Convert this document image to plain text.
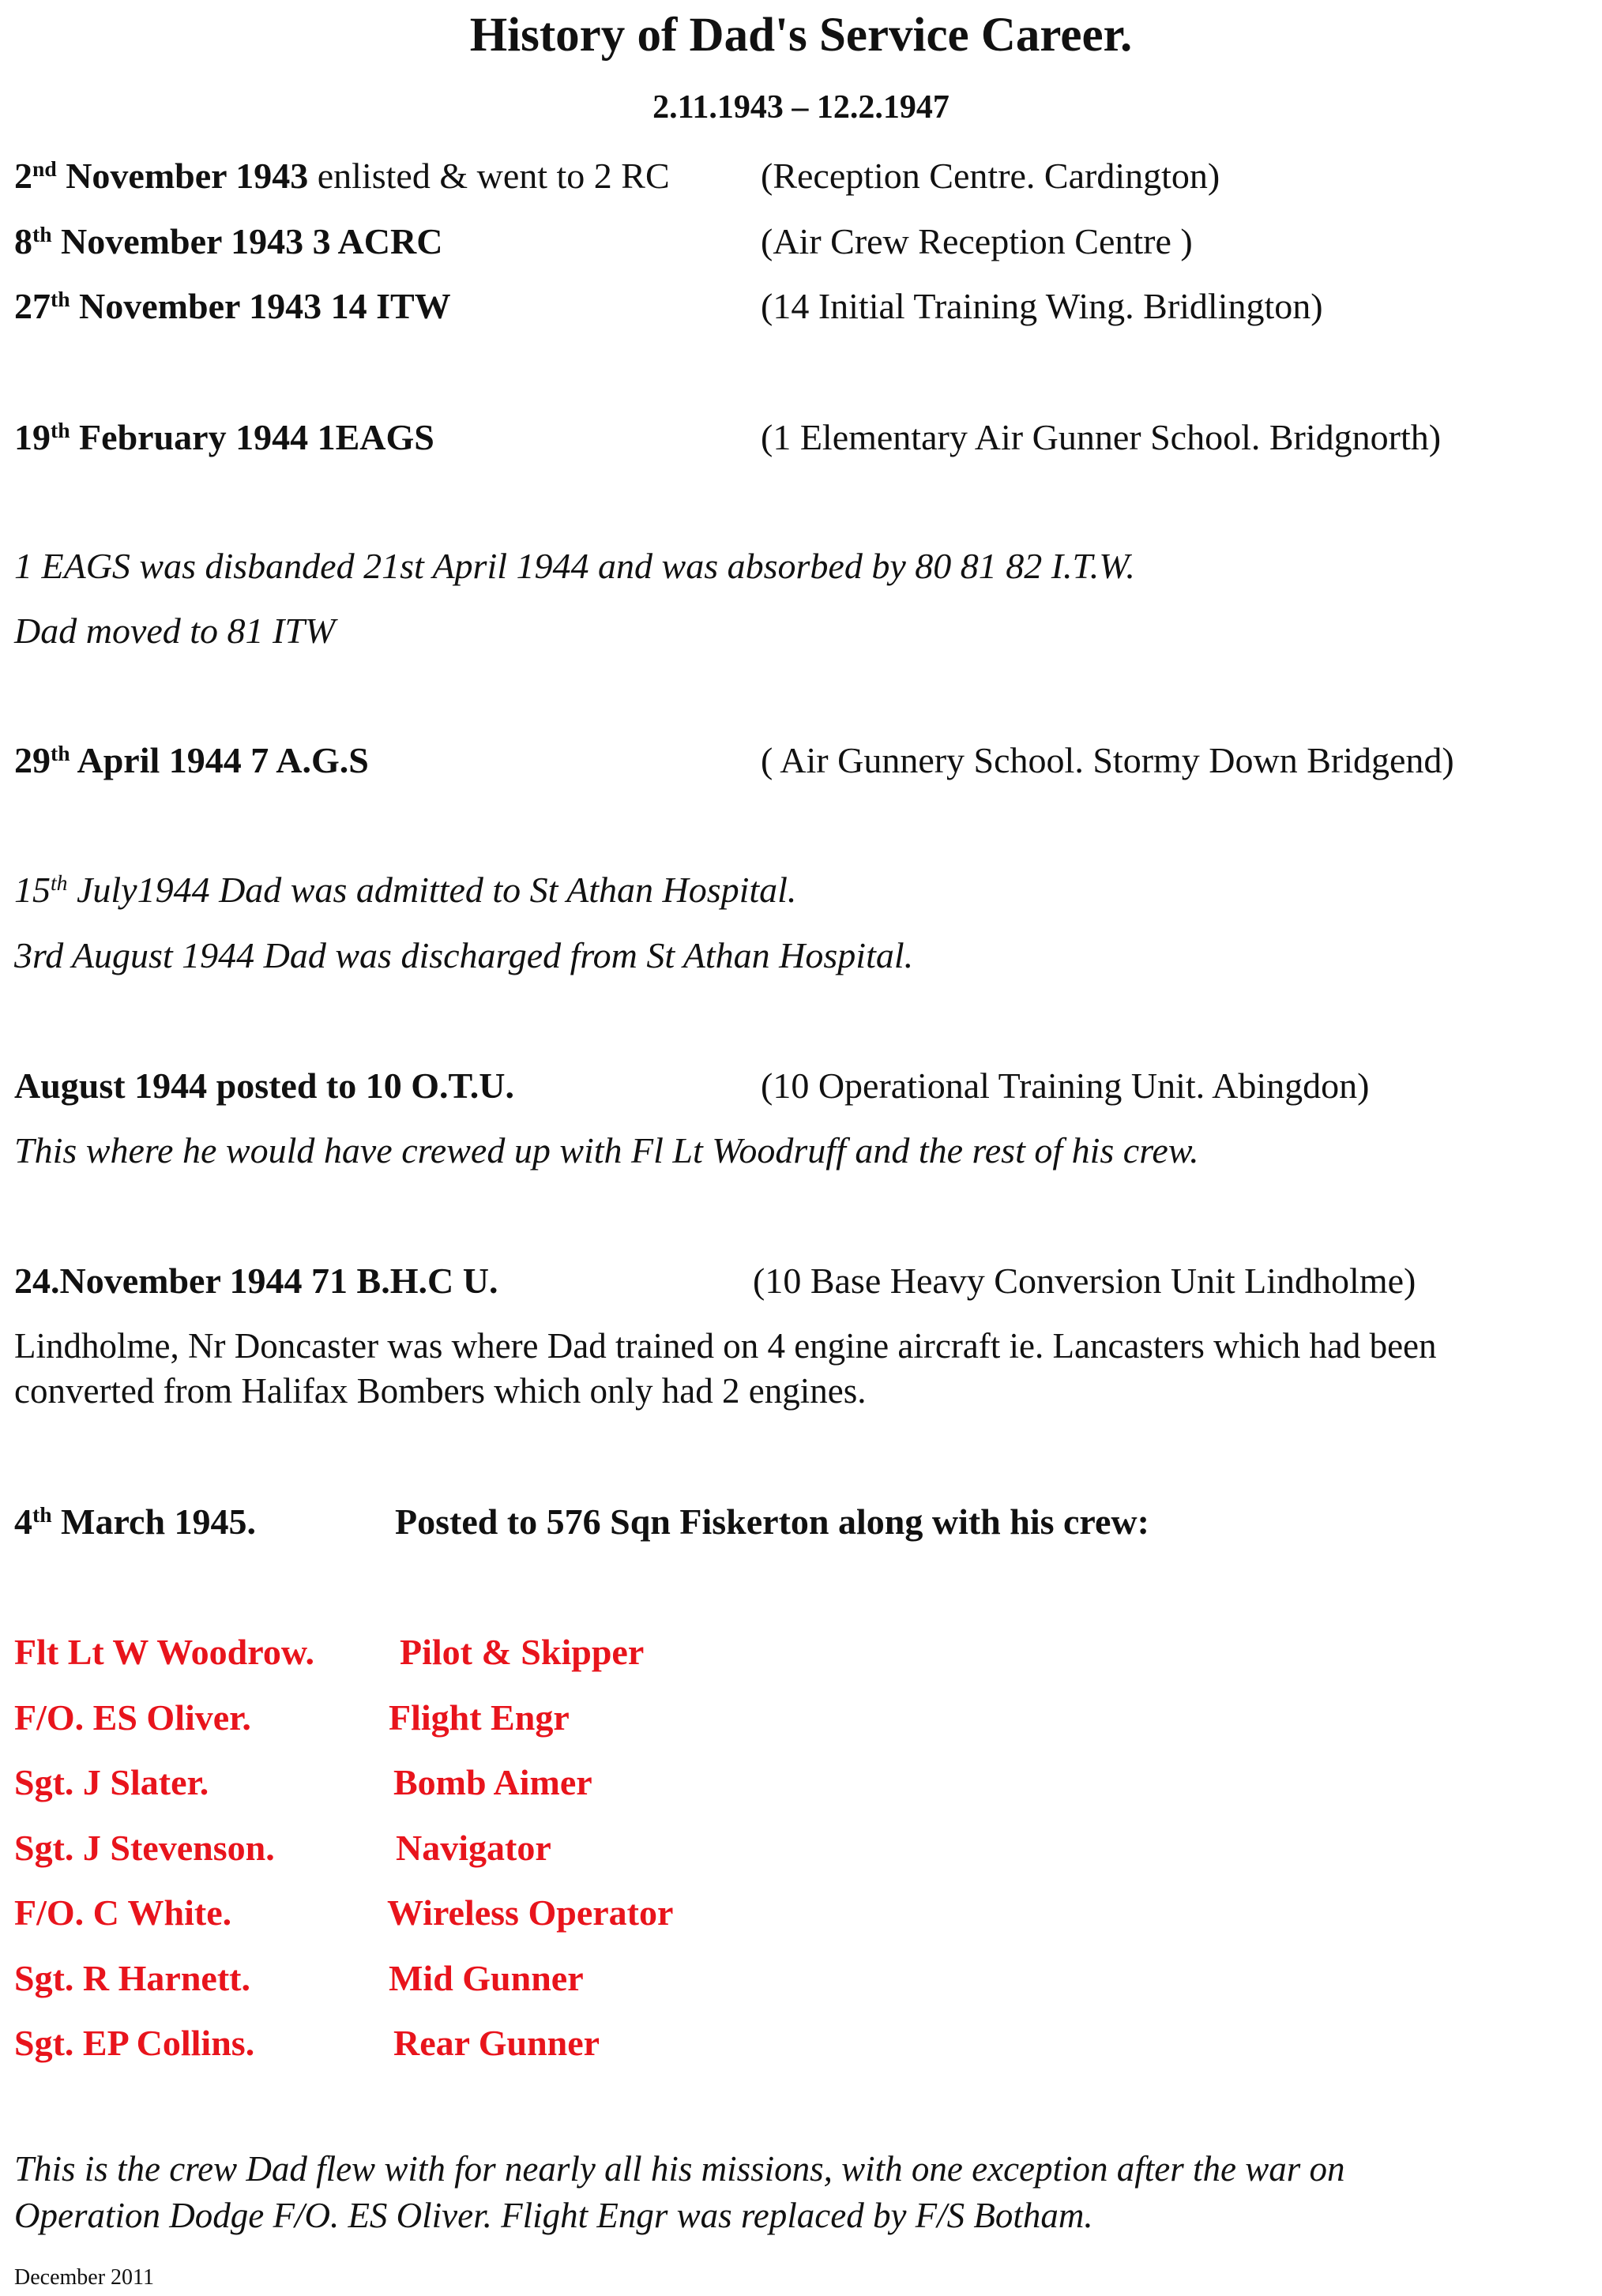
History of Dad's Service Career.
2.11.1943 – 12.2.1947
2nd November 1943 enlisted & went to 2 RC	(Reception Centre. Cardington)
8th November 1943 3 ACRC	(Air Crew Reception Centre )
27th November 1943 14 ITW	(14 Initial Training Wing. Bridlington)
19th February 1944 1EAGS	(1 Elementary Air Gunner School. Bridgnorth)
1 EAGS was disbanded 21st April 1944 and was absorbed by 80 81 82 I.T.W.
Dad moved to 81 ITW
29th April 1944 7 A.G.S	( Air Gunnery School. Stormy Down Bridgend)
15th July1944 Dad was admitted to St Athan Hospital.
3rd August 1944 Dad was discharged from St Athan Hospital.
August 1944 posted to 10 O.T.U.	(10 Operational Training Unit. Abingdon)
This where he would have crewed up with Fl Lt Woodruff and the rest of his crew.
24.November 1944 71 B.H.C U.	(10 Base Heavy Conversion Unit Lindholme)
Lindholme, Nr Doncaster was where Dad trained on 4 engine aircraft ie. Lancasters which had been
converted from Halifax Bombers which only had 2 engines.
4th March 1945.	Posted to 576 Sqn Fiskerton along with his crew:
Flt Lt W Woodrow. Pilot & Skipper
F/O. ES Oliver.	Flight Engr
Sgt. J Slater.	Bomb Aimer
Sgt. J Stevenson.	Navigator
F/O. C White.	Wireless Operator
Sgt. R Harnett.	Mid Gunner
Sgt. EP Collins.	Rear Gunner
This is the crew Dad flew with for nearly all his missions, with one exception after the war on
Operation Dodge F/O. ES Oliver. Flight Engr was replaced by F/S Botham.
December 2011
